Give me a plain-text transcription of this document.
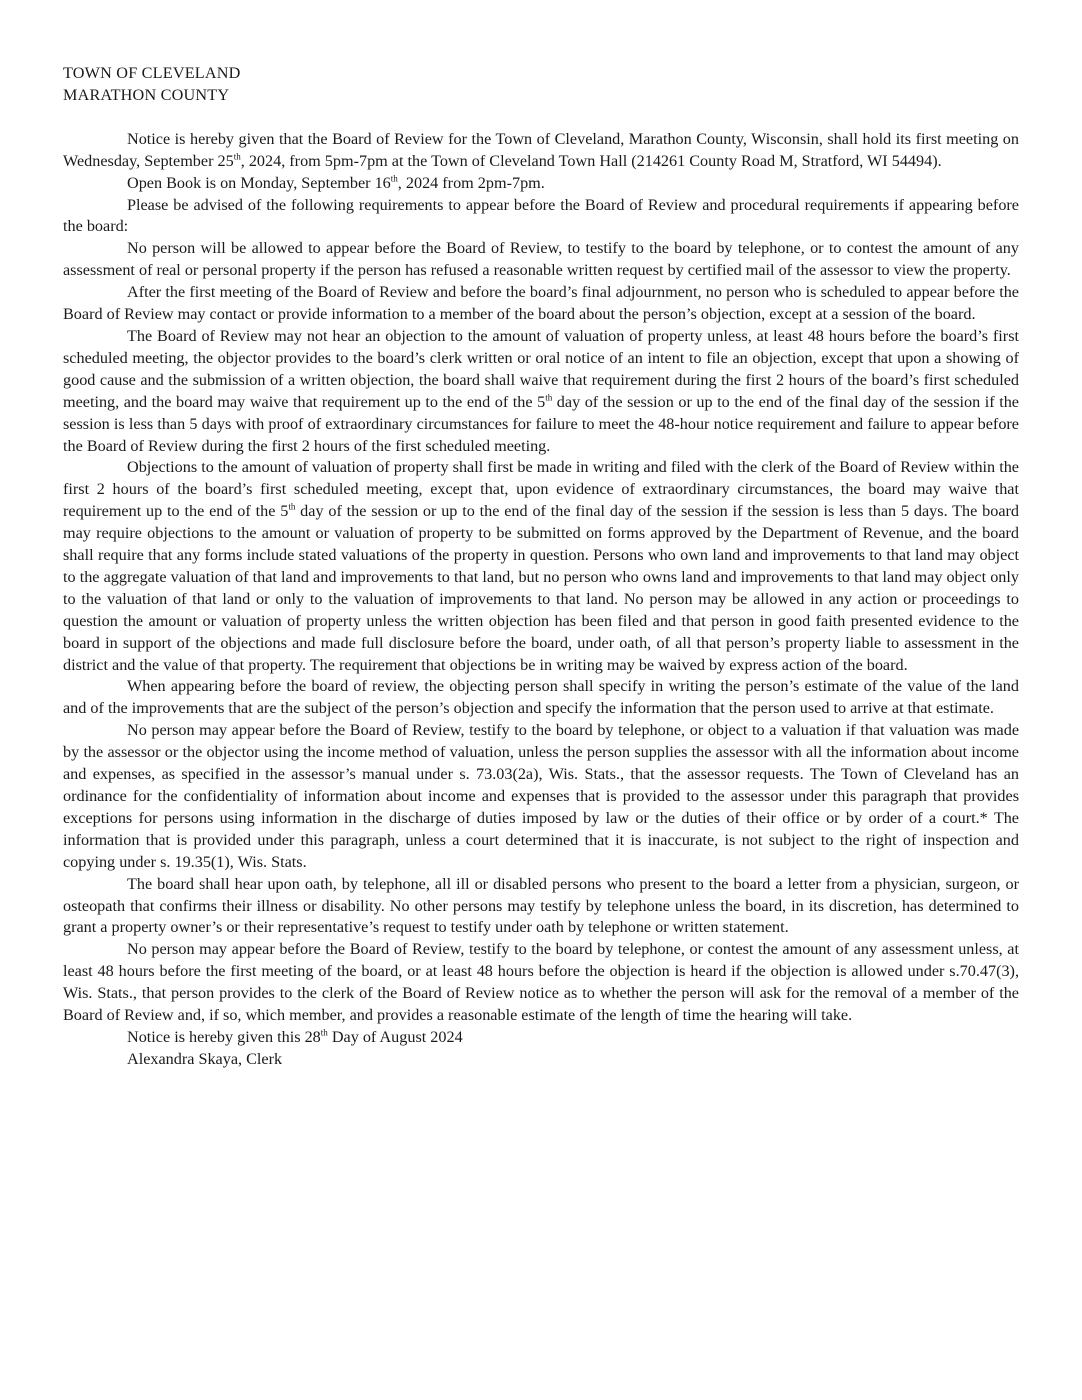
TOWN OF CLEVELAND

MARATHON COUNTY

Notice is hereby given that the Board of Review for the Town of Cleveland, Marathon County, Wisconsin, shall hold its first meeting on Wednesday, September 25th, 2024, from 5pm-7pm at the Town of Cleveland Town Hall (214261 County Road M, Stratford, WI 54494).

Open Book is on Monday, September 16th, 2024 from 2pm-7pm.

Please be advised of the following requirements to appear before the Board of Review and procedural requirements if appearing before the board:

No person will be allowed to appear before the Board of Review, to testify to the board by telephone, or to contest the amount of any assessment of real or personal property if the person has refused a reasonable written request by certified mail of the assessor to view the property.

After the first meeting of the Board of Review and before the board’s final adjournment, no person who is scheduled to appear before the Board of Review may contact or provide information to a member of the board about the person’s objection, except at a session of the board.

The Board of Review may not hear an objection to the amount of valuation of property unless, at least 48 hours before the board’s first scheduled meeting, the objector provides to the board’s clerk written or oral notice of an intent to file an objection, except that upon a showing of good cause and the submission of a written objection, the board shall waive that requirement during the first 2 hours of the board’s first scheduled meeting, and the board may waive that requirement up to the end of the 5th day of the session or up to the end of the final day of the session if the session is less than 5 days with proof of extraordinary circumstances for failure to meet the 48-hour notice requirement and failure to appear before the Board of Review during the first 2 hours of the first scheduled meeting.

Objections to the amount of valuation of property shall first be made in writing and filed with the clerk of the Board of Review within the first 2 hours of the board’s first scheduled meeting, except that, upon evidence of extraordinary circumstances, the board may waive that requirement up to the end of the 5th day of the session or up to the end of the final day of the session if the session is less than 5 days. The board may require objections to the amount or valuation of property to be submitted on forms approved by the Department of Revenue, and the board shall require that any forms include stated valuations of the property in question. Persons who own land and improvements to that land may object to the aggregate valuation of that land and improvements to that land, but no person who owns land and improvements to that land may object only to the valuation of that land or only to the valuation of improvements to that land. No person may be allowed in any action or proceedings to question the amount or valuation of property unless the written objection has been filed and that person in good faith presented evidence to the board in support of the objections and made full disclosure before the board, under oath, of all that person’s property liable to assessment in the district and the value of that property. The requirement that objections be in writing may be waived by express action of the board.

When appearing before the board of review, the objecting person shall specify in writing the person’s estimate of the value of the land and of the improvements that are the subject of the person’s objection and specify the information that the person used to arrive at that estimate.

No person may appear before the Board of Review, testify to the board by telephone, or object to a valuation if that valuation was made by the assessor or the objector using the income method of valuation, unless the person supplies the assessor with all the information about income and expenses, as specified in the assessor’s manual under s. 73.03(2a), Wis. Stats., that the assessor requests. The Town of Cleveland has an ordinance for the confidentiality of information about income and expenses that is provided to the assessor under this paragraph that provides exceptions for persons using information in the discharge of duties imposed by law or the duties of their office or by order of a court.* The information that is provided under this paragraph, unless a court determined that it is inaccurate, is not subject to the right of inspection and copying under s. 19.35(1), Wis. Stats.

The board shall hear upon oath, by telephone, all ill or disabled persons who present to the board a letter from a physician, surgeon, or osteopath that confirms their illness or disability. No other persons may testify by telephone unless the board, in its discretion, has determined to grant a property owner’s or their representative’s request to testify under oath by telephone or written statement.

No person may appear before the Board of Review, testify to the board by telephone, or contest the amount of any assessment unless, at least 48 hours before the first meeting of the board, or at least 48 hours before the objection is heard if the objection is allowed under s.70.47(3), Wis. Stats., that person provides to the clerk of the Board of Review notice as to whether the person will ask for the removal of a member of the Board of Review and, if so, which member, and provides a reasonable estimate of the length of time the hearing will take.

Notice is hereby given this 28th Day of August 2024

Alexandra Skaya, Clerk
